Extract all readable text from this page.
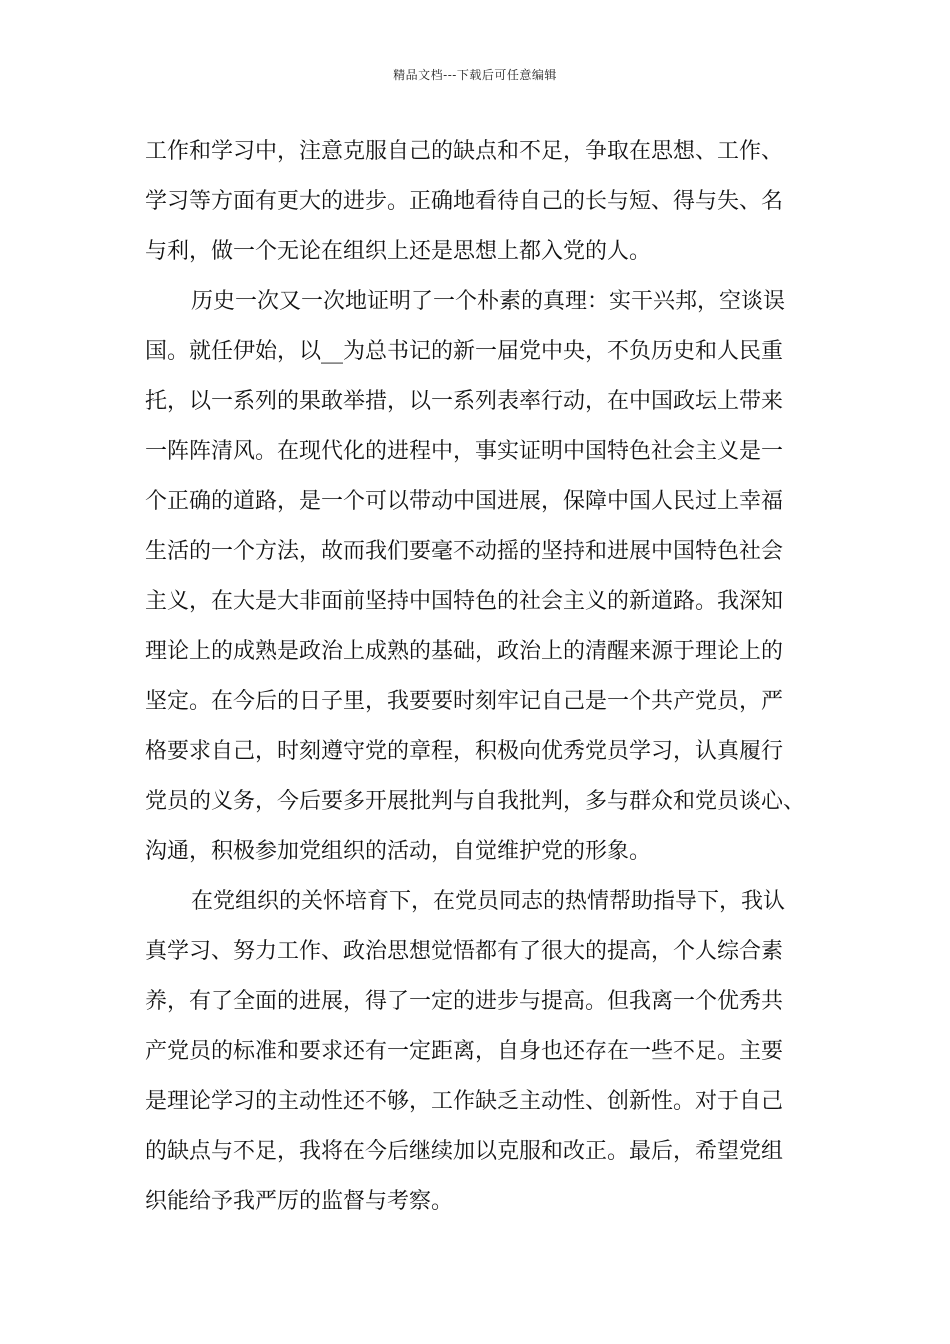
精品文档---下载后可任意编辑
工作和学习中，注意克服自己的缺点和不足，争取在思想、工作、
学习等方面有更大的进步。正确地看待自己的长与短、得与失、名
与利，做一个无论在组织上还是思想上都入党的人。
历史一次又一次地证明了一个朴素的真理：实干兴邦，空谈误
国。就任伊始，以__为总书记的新一届党中央，不负历史和人民重
托，以一系列的果敢举措，以一系列表率行动，在中国政坛上带来
一阵阵清风。在现代化的进程中，事实证明中国特色社会主义是一
个正确的道路，是一个可以带动中国进展，保障中国人民过上幸福
生活的一个方法，故而我们要毫不动摇的坚持和进展中国特色社会
主义，在大是大非面前坚持中国特色的社会主义的新道路。我深知
理论上的成熟是政治上成熟的基础，政治上的清醒来源于理论上的
坚定。在今后的日子里，我要要时刻牢记自己是一个共产党员，严
格要求自己，时刻遵守党的章程，积极向优秀党员学习，认真履行
党员的义务，今后要多开展批判与自我批判，多与群众和党员谈心、
沟通，积极参加党组织的活动，自觉维护党的形象。
在党组织的关怀培育下，在党员同志的热情帮助指导下，我认
真学习、努力工作、政治思想觉悟都有了很大的提高，个人综合素
养，有了全面的进展，得了一定的进步与提高。但我离一个优秀共
产党员的标准和要求还有一定距离，自身也还存在一些不足。主要
是理论学习的主动性还不够，工作缺乏主动性、创新性。对于自己
的缺点与不足，我将在今后继续加以克服和改正。最后，希望党组
织能给予我严厉的监督与考察。
